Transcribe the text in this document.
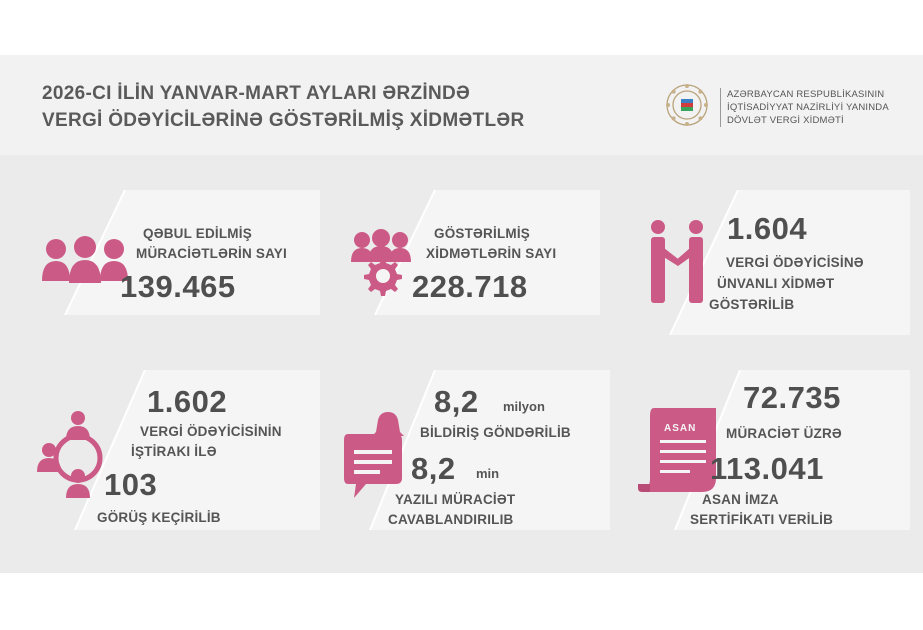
2026-CI İLİN YANVAR-MART AYLARI ƏRZİNDƏ
VERGİ ÖDƏYİCİLƏRİNƏ GÖSTƏRİLMİŞ XİDMƏTLƏR
AZƏRBAYCAN RESPUBLİKASININ
İQTİSADİYYAT NAZİRLİYİ YANINDA
DÖVLƏT VERGİ XİDMƏTİ
QƏBUL EDİLMİŞ
MÜRACİƏTLƏRİN SAYI
139.465
GÖSTƏRİLMİŞ
XİDMƏTLƏRİN SAYI
228.718
1.604
VERGİ ÖDƏYİCİSİNƏ
ÜNVANLI XİDMƏT
GÖSTƏRİLİB
1.602
VERGİ ÖDƏYİCİSİNİN
İŞTİRAKI İLƏ
103
GÖRÜŞ KEÇİRİLİB
8,2 milyon
BİLDİRİŞ GÖNDƏRİLİB
8,2 min
YAZILI MÜRACİƏT
CAVABLANDIRILIB
ASAN
72.735
MÜRACİƏT ÜZRƏ
113.041
ASAN İMZA
SERTİFİKATI VERİLİB
